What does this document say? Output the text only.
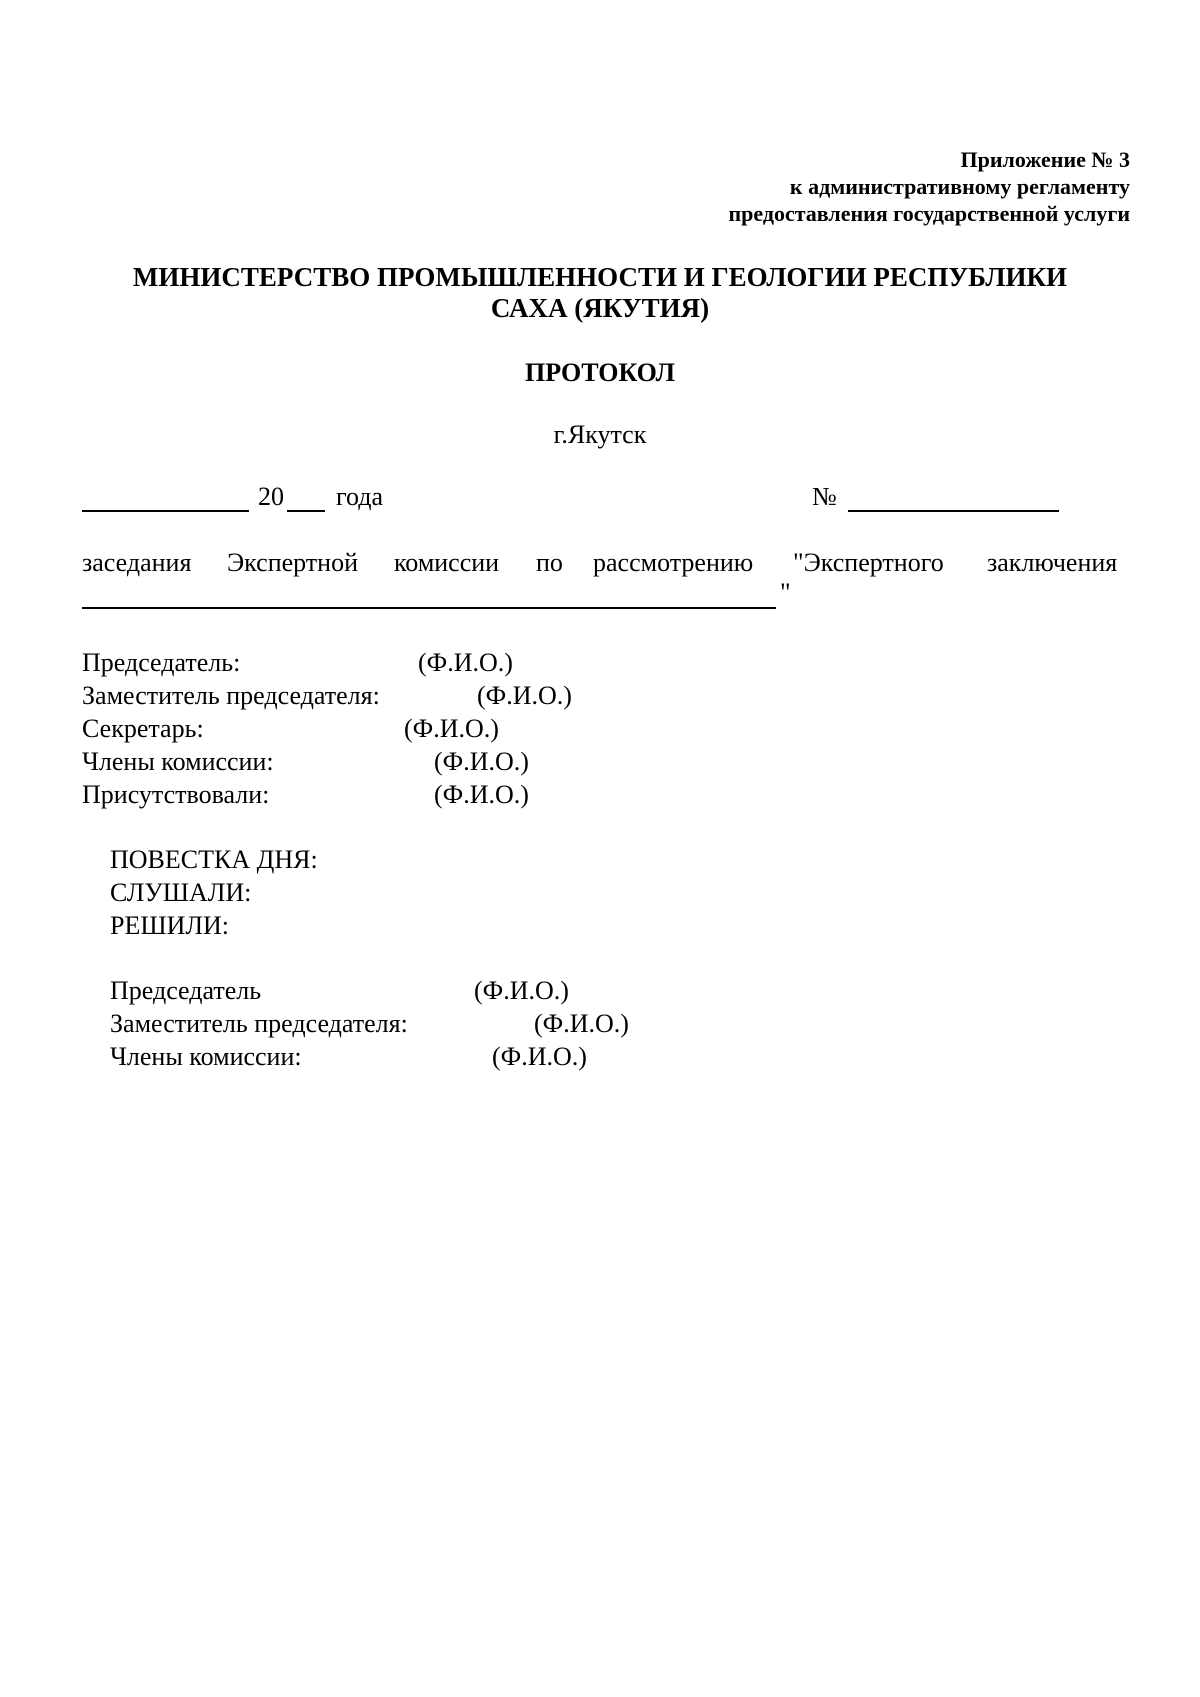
Приложение № 3
к административному регламенту
предоставления государственной услуги
МИНИСТЕРСТВО ПРОМЫШЛЕННОСТИ И ГЕОЛОГИИ РЕСПУБЛИКИ
САХА (ЯКУТИЯ)
ПРОТОКОЛ
г.Якутск
20 года	№
заседания Экспертной комиссии по рассмотрению "Экспертного заключения
"
Председатель:	(Ф.И.О.)
Заместитель председателя:	(Ф.И.О.)
Секретарь:	(Ф.И.О.)
Члены комиссии:	(Ф.И.О.)
Присутствовали:	(Ф.И.О.)
ПОВЕСТКА ДНЯ:
СЛУШАЛИ:
РЕШИЛИ:
Председатель	(Ф.И.О.)
Заместитель председателя:	(Ф.И.О.)
Члены комиссии:	(Ф.И.О.)
